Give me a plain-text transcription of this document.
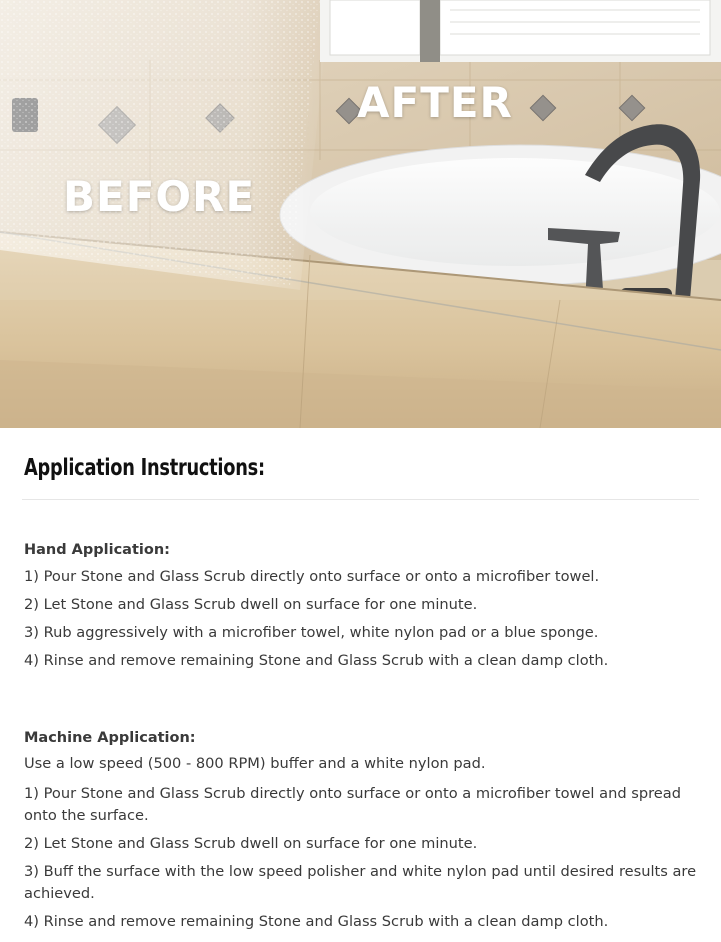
BEFORE
AFTER
Application Instructions:

Hand Application:

1) Pour Stone and Glass Scrub directly onto surface or onto a microfiber towel.

2) Let Stone and Glass Scrub dwell on surface for one minute.

3) Rub aggressively with a microfiber towel, white nylon pad or a blue sponge.

4) Rinse and remove remaining Stone and Glass Scrub with a clean damp cloth.

Machine Application:

Use a low speed (500 - 800 RPM) buffer and a white nylon pad.

1) Pour Stone and Glass Scrub directly onto surface or onto a microfiber towel and spread onto the surface.

2) Let Stone and Glass Scrub dwell on surface for one minute.

3) Buff the surface with the low speed polisher and white nylon pad until desired results are achieved.

4) Rinse and remove remaining Stone and Glass Scrub with a clean damp cloth.
